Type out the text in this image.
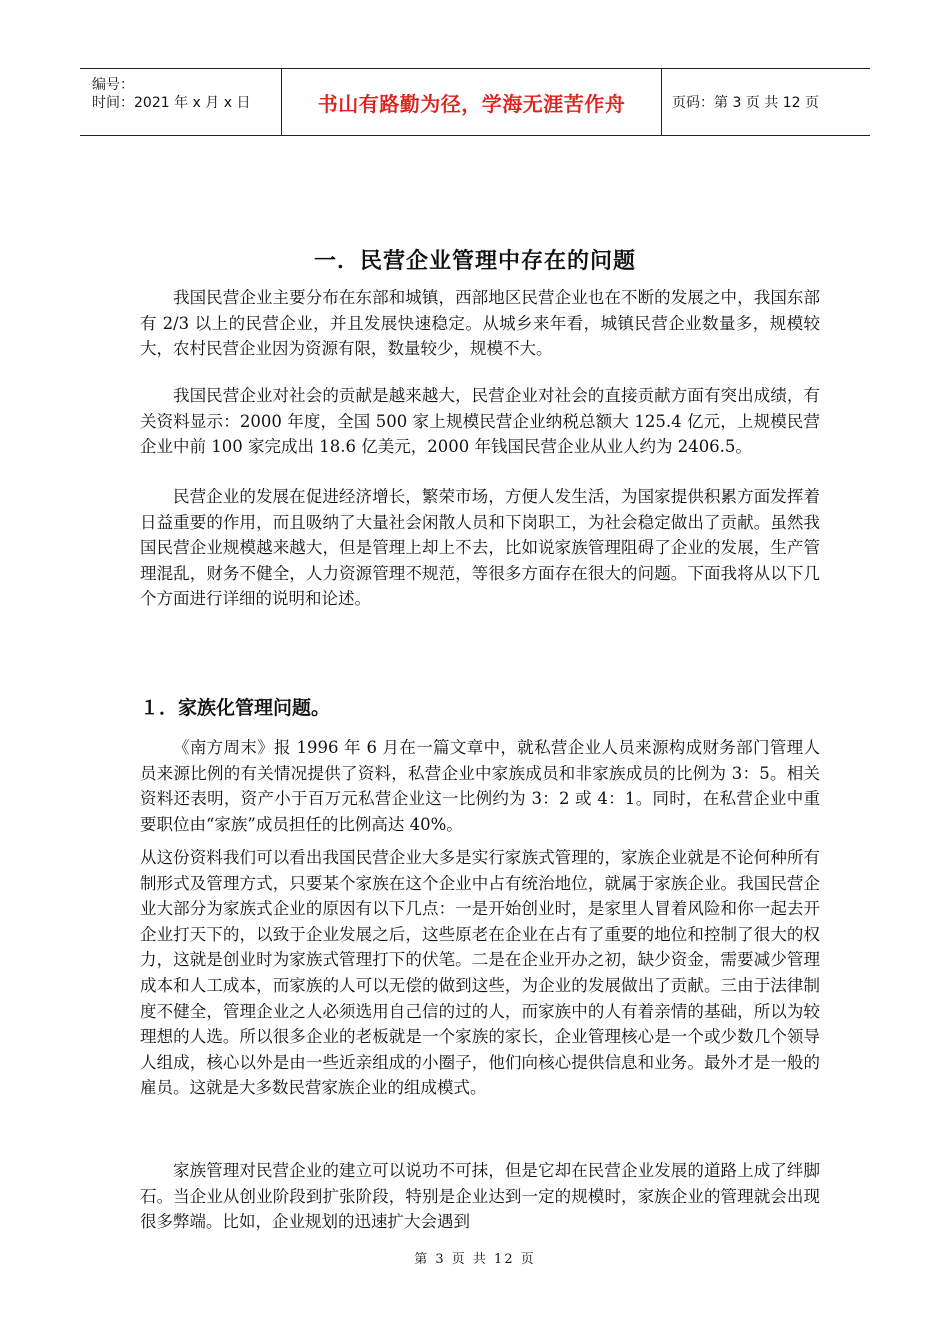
编号：
时间：2021 年 x 月 x 日	书山有路勤为径，学海无涯苦作舟	页码：第 3 页 共 12 页
一．民营企业管理中存在的问题

我国民营企业主要分布在东部和城镇，西部地区民营企业也在不断的发展之中，我国东部有 2/3 以上的民营企业，并且发展快速稳定。从城乡来年看，城镇民营企业数量多，规模较大，农村民营企业因为资源有限，数量较少，规模不大。

我国民营企业对社会的贡献是越来越大，民营企业对社会的直接贡献方面有突出成绩，有关资料显示：2000 年度，全国 500 家上规模民营企业纳税总额大 125.4 亿元，上规模民营企业中前 100 家完成出 18.6 亿美元，2000 年钱国民营企业从业人约为 2406.5。

民营企业的发展在促进经济增长，繁荣市场，方便人发生活，为国家提供积累方面发挥着日益重要的作用，而且吸纳了大量社会闲散人员和下岗职工，为社会稳定做出了贡献。虽然我国民营企业规模越来越大，但是管理上却上不去，比如说家族管理阻碍了企业的发展，生产管理混乱，财务不健全，人力资源管理不规范，等很多方面存在很大的问题。下面我将从以下几个方面进行详细的说明和论述。

１．家族化管理问题。

《南方周末》报 1996 年 6 月在一篇文章中，就私营企业人员来源构成财务部门管理人员来源比例的有关情况提供了资料，私营企业中家族成员和非家族成员的比例为 3：5。相关资料还表明，资产小于百万元私营企业这一比例约为 3：2 或 4：1。同时，在私营企业中重要职位由“家族”成员担任的比例高达 40%。

从这份资料我们可以看出我国民营企业大多是实行家族式管理的，家族企业就是不论何种所有制形式及管理方式，只要某个家族在这个企业中占有统治地位，就属于家族企业。我国民营企业大部分为家族式企业的原因有以下几点：一是开始创业时，是家里人冒着风险和你一起去开企业打天下的，以致于企业发展之后，这些原老在企业在占有了重要的地位和控制了很大的权力，这就是创业时为家族式管理打下的伏笔。二是在企业开办之初，缺少资金，需要减少管理成本和人工成本，而家族的人可以无偿的做到这些，为企业的发展做出了贡献。三由于法律制度不健全，管理企业之人必须选用自己信的过的人，而家族中的人有着亲情的基础，所以为较理想的人选。所以很多企业的老板就是一个家族的家长，企业管理核心是一个或少数几个领导人组成，核心以外是由一些近亲组成的小圈子，他们向核心提供信息和业务。最外才是一般的雇员。这就是大多数民营家族企业的组成模式。

家族管理对民营企业的建立可以说功不可抹，但是它却在民营企业发展的道路上成了绊脚石。当企业从创业阶段到扩张阶段，特别是企业达到一定的规模时，家族企业的管理就会出现很多弊端。比如，企业规划的迅速扩大会遇到

第 3 页 共 12 页
